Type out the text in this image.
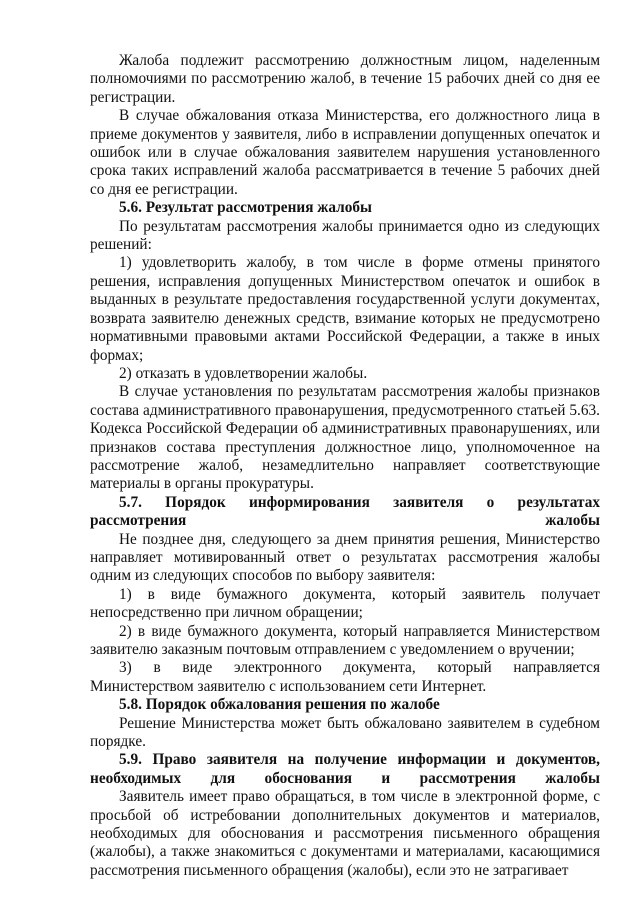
Жалоба подлежит рассмотрению должностным лицом, наделенным полномочиями по рассмотрению жалоб, в течение 15 рабочих дней со дня ее регистрации.

В случае обжалования отказа Министерства, его должностного лица в приеме документов у заявителя, либо в исправлении допущенных опечаток и ошибок или в случае обжалования заявителем нарушения установленного срока таких исправлений жалоба рассматривается в течение 5 рабочих дней со дня ее регистрации.

5.6. Результат рассмотрения жалобы

По результатам рассмотрения жалобы принимается одно из следующих решений:

1) удовлетворить жалобу, в том числе в форме отмены принятого решения, исправления допущенных Министерством опечаток и ошибок в выданных в результате предоставления государственной услуги документах, возврата заявителю денежных средств, взимание которых не предусмотрено нормативными правовыми актами Российской Федерации, а также в иных формах;

2) отказать в удовлетворении жалобы.

В случае установления по результатам рассмотрения жалобы признаков состава административного правонарушения, предусмотренного статьей 5.63. Кодекса Российской Федерации об административных правонарушениях, или признаков состава преступления должностное лицо, уполномоченное на рассмотрение жалоб, незамедлительно направляет соответствующие материалы в органы прокуратуры.

5.7. Порядок информирования заявителя о результатах рассмотрения жалобы

Не позднее дня, следующего за днем принятия решения, Министерство направляет мотивированный ответ о результатах рассмотрения жалобы одним из следующих способов по выбору заявителя:

1) в виде бумажного документа, который заявитель получает непосредственно при личном обращении;

2) в виде бумажного документа, который направляется Министерством заявителю заказным почтовым отправлением с уведомлением о вручении;

3) в виде электронного документа, который направляется Министерством заявителю с использованием сети Интернет.

5.8. Порядок обжалования решения по жалобе

Решение Министерства может быть обжаловано заявителем в судебном порядке.

5.9. Право заявителя на получение информации и документов, необходимых для обоснования и рассмотрения жалобы

Заявитель имеет право обращаться, в том числе в электронной форме, с просьбой об истребовании дополнительных документов и материалов, необходимых для обоснования и рассмотрения письменного обращения (жалобы), а также знакомиться с документами и материалами, касающимися рассмотрения письменного обращения (жалобы), если это не затрагивает
